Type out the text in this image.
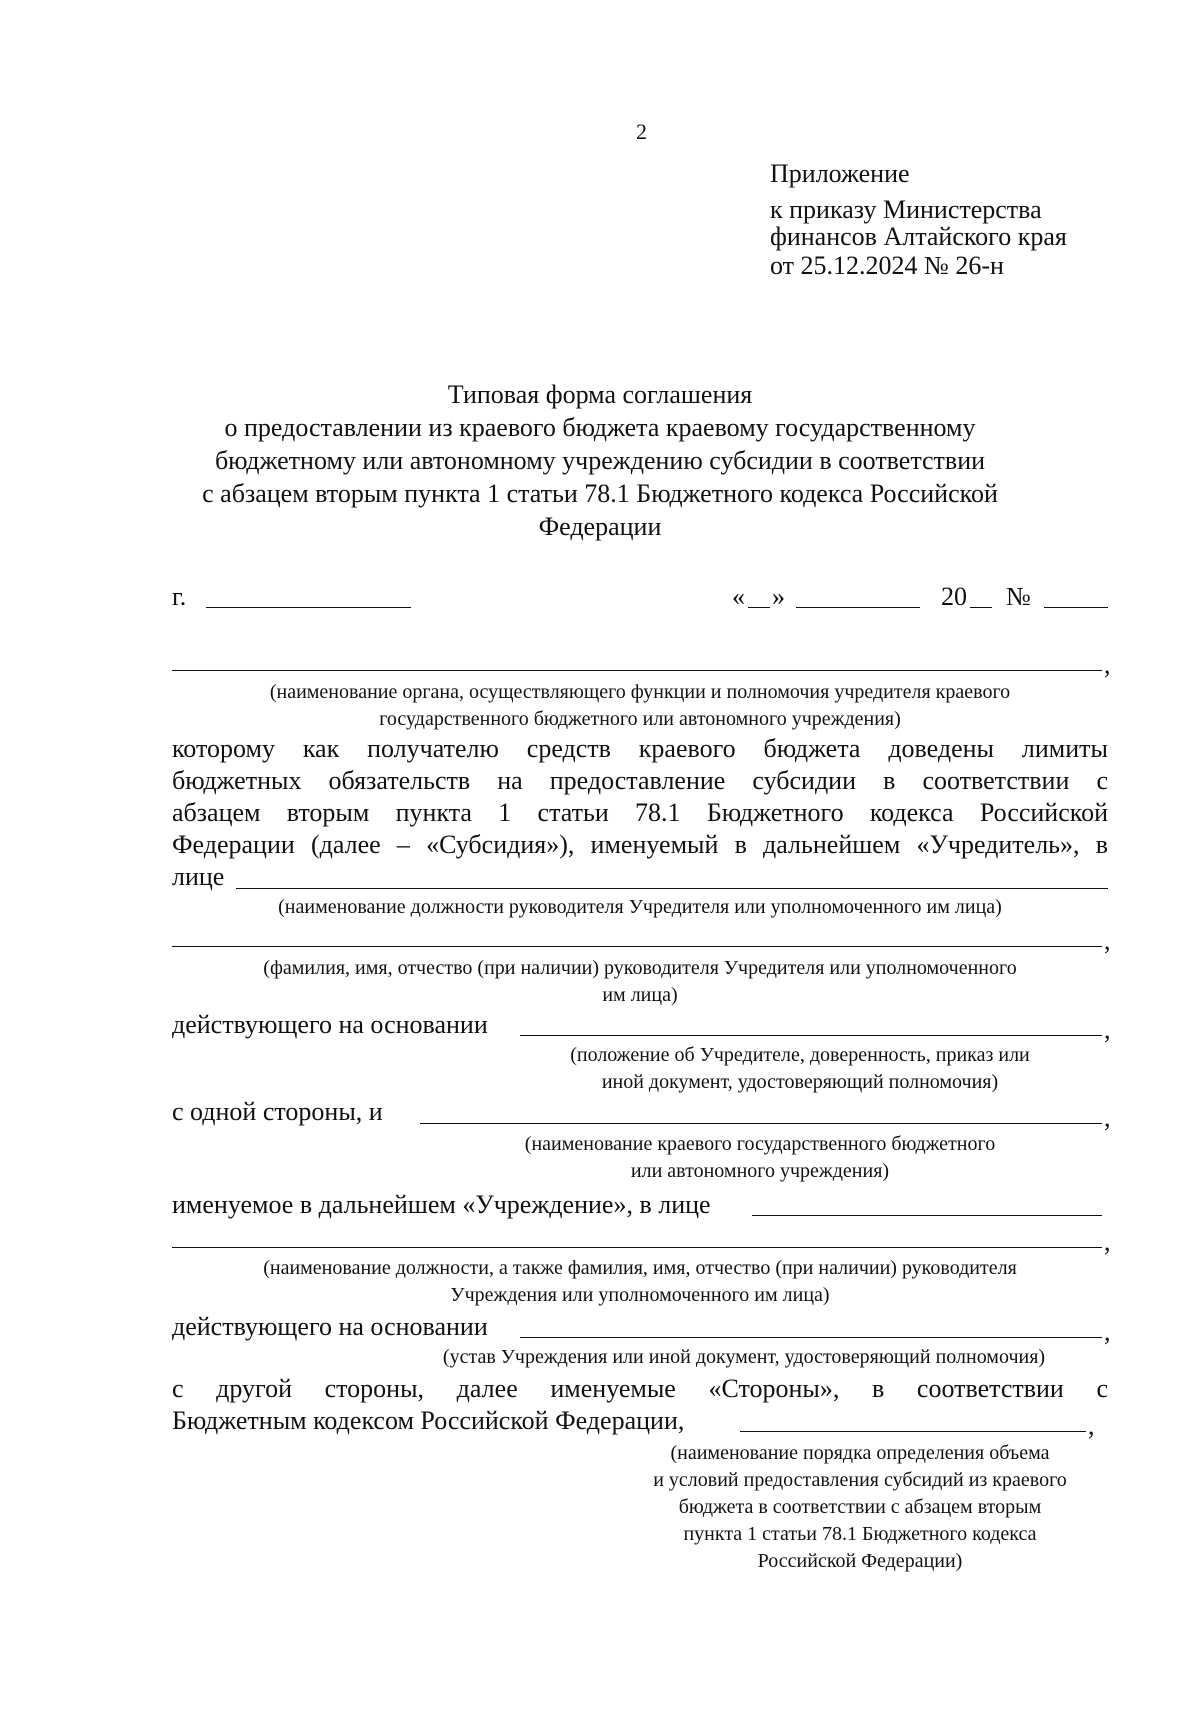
2
Приложение
к приказу Министерства
финансов Алтайского края
от 25.12.2024 № 26-н
Типовая форма соглашения
о предоставлении из краевого бюджета краевому государственному
бюджетному или автономному учреждению субсидии в соответствии
с абзацем вторым пункта 1 статьи 78.1 Бюджетного кодекса Российской
Федерации
г.	« »	20 №
,
(наименование органа, осуществляющего функции и полномочия учредителя краевого
государственного бюджетного или автономного учреждения)
которому как получателю средств краевого бюджета доведены лимиты
бюджетных обязательств на предоставление субсидии в соответствии с
абзацем вторым пункта 1 статьи 78.1 Бюджетного кодекса Российской
Федерации (далее – «Субсидия»), именуемый в дальнейшем «Учредитель», в
лице
(наименование должности руководителя Учредителя или уполномоченного им лица)
,
(фамилия, имя, отчество (при наличии) руководителя Учредителя или уполномоченного
им лица)
действующего на основании	,
(положение об Учредителе, доверенность, приказ или
иной документ, удостоверяющий полномочия)
с одной стороны, и	,
(наименование краевого государственного бюджетного
или автономного учреждения)
именуемое в дальнейшем «Учреждение», в лице
,
(наименование должности, а также фамилия, имя, отчество (при наличии) руководителя
Учреждения или уполномоченного им лица)
действующего на основании	,
(устав Учреждения или иной документ, удостоверяющий полномочия)
с другой стороны, далее именуемые «Стороны», в соответствии с
Бюджетным кодексом Российской Федерации,	,
(наименование порядка определения объема
и условий предоставления субсидий из краевого
бюджета в соответствии с абзацем вторым
пункта 1 статьи 78.1 Бюджетного кодекса
Российской Федерации)
